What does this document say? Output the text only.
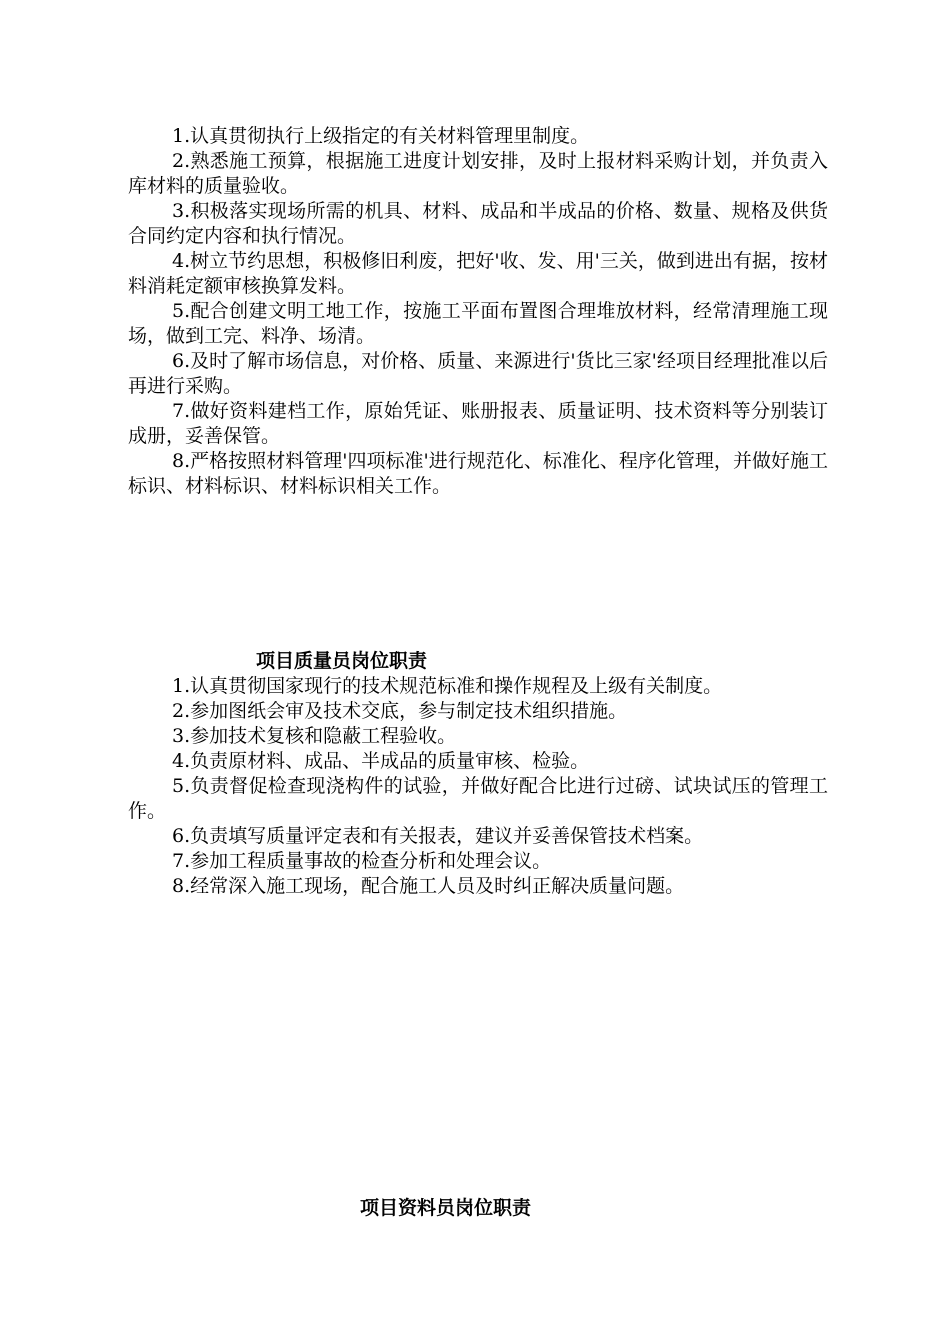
1.认真贯彻执行上级指定的有关材料管理里制度。

2.熟悉施工预算，根据施工进度计划安排，及时上报材料采购计划，并负责入库材料的质量验收。

3.积极落实现场所需的机具、材料、成品和半成品的价格、数量、规格及供货合同约定内容和执行情况。

4.树立节约思想，积极修旧利废，把好'收、发、用'三关，做到进出有据，按材料消耗定额审核换算发料。

5.配合创建文明工地工作，按施工平面布置图合理堆放材料，经常清理施工现场，做到工完、料净、场清。

6.及时了解市场信息，对价格、质量、来源进行'货比三家'经项目经理批准以后再进行采购。

7.做好资料建档工作，原始凭证、账册报表、质量证明、技术资料等分别装订成册，妥善保管。

8.严格按照材料管理'四项标准'进行规范化、标准化、程序化管理，并做好施工标识、材料标识、材料标识相关工作。

项目质量员岗位职责

1.认真贯彻国家现行的技术规范标准和操作规程及上级有关制度。

2.参加图纸会审及技术交底，参与制定技术组织措施。

3.参加技术复核和隐蔽工程验收。

4.负责原材料、成品、半成品的质量审核、检验。

5.负责督促检查现浇构件的试验，并做好配合比进行过磅、试块试压的管理工作。

6.负责填写质量评定表和有关报表，建议并妥善保管技术档案。

7.参加工程质量事故的检查分析和处理会议。

8.经常深入施工现场，配合施工人员及时纠正解决质量问题。

项目资料员岗位职责
